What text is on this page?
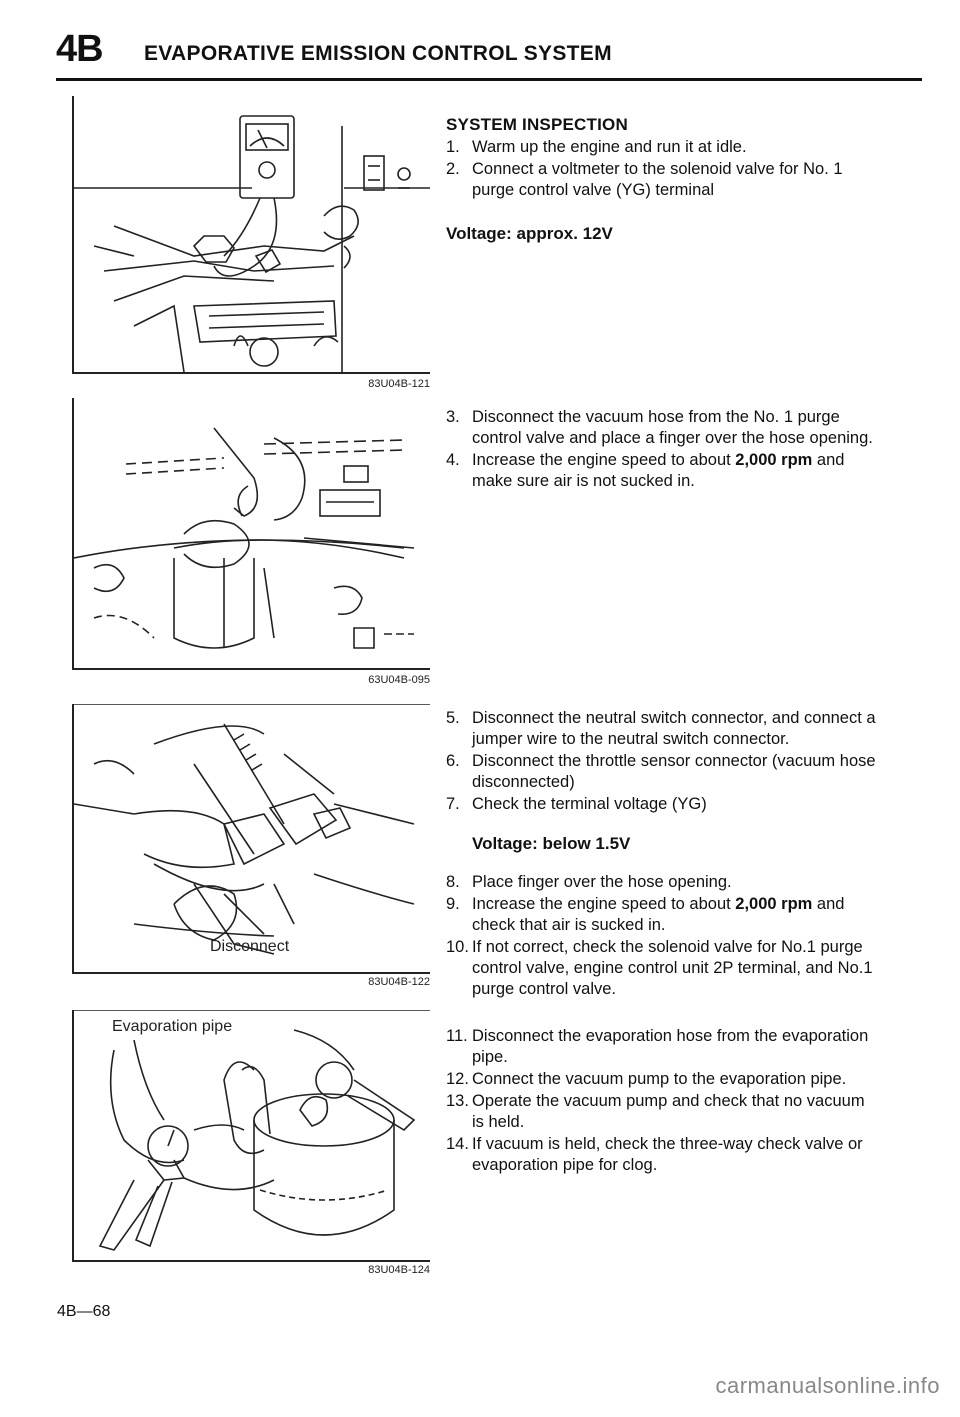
4B EVAPORATIVE EMISSION CONTROL SYSTEM
83U04B-121
63U04B-095
Disconnect
83U04B-122
Evaporation pipe
83U04B-124

SYSTEM INSPECTION

1. Warm up the engine and run it at idle.
2. Connect a voltmeter to the solenoid valve for No. 1 purge control valve (YG) terminal

Voltage: approx. 12V

3. Disconnect the vacuum hose from the No. 1 purge control valve and place a finger over the hose opening.
4. Increase the engine speed to about 2,000 rpm and make sure air is not sucked in.
5. Disconnect the neutral switch connector, and connect a jumper wire to the neutral switch connector.
6. Disconnect the throttle sensor connector (vacuum hose disconnected)
7. Check the terminal voltage (YG)

Voltage: below 1.5V

8. Place finger over the hose opening.
9. Increase the engine speed to about 2,000 rpm and check that air is sucked in.
10. If not correct, check the solenoid valve for No.1 purge control valve, engine control unit 2P terminal, and No.1 purge control valve.
11. Disconnect the evaporation hose from the evaporation pipe.
12. Connect the vacuum pump to the evaporation pipe.
13. Operate the vacuum pump and check that no vacuum is held.
14. If vacuum is held, check the three-way check valve or evaporation pipe for clog.
4B—68
carmanualsonline.info
